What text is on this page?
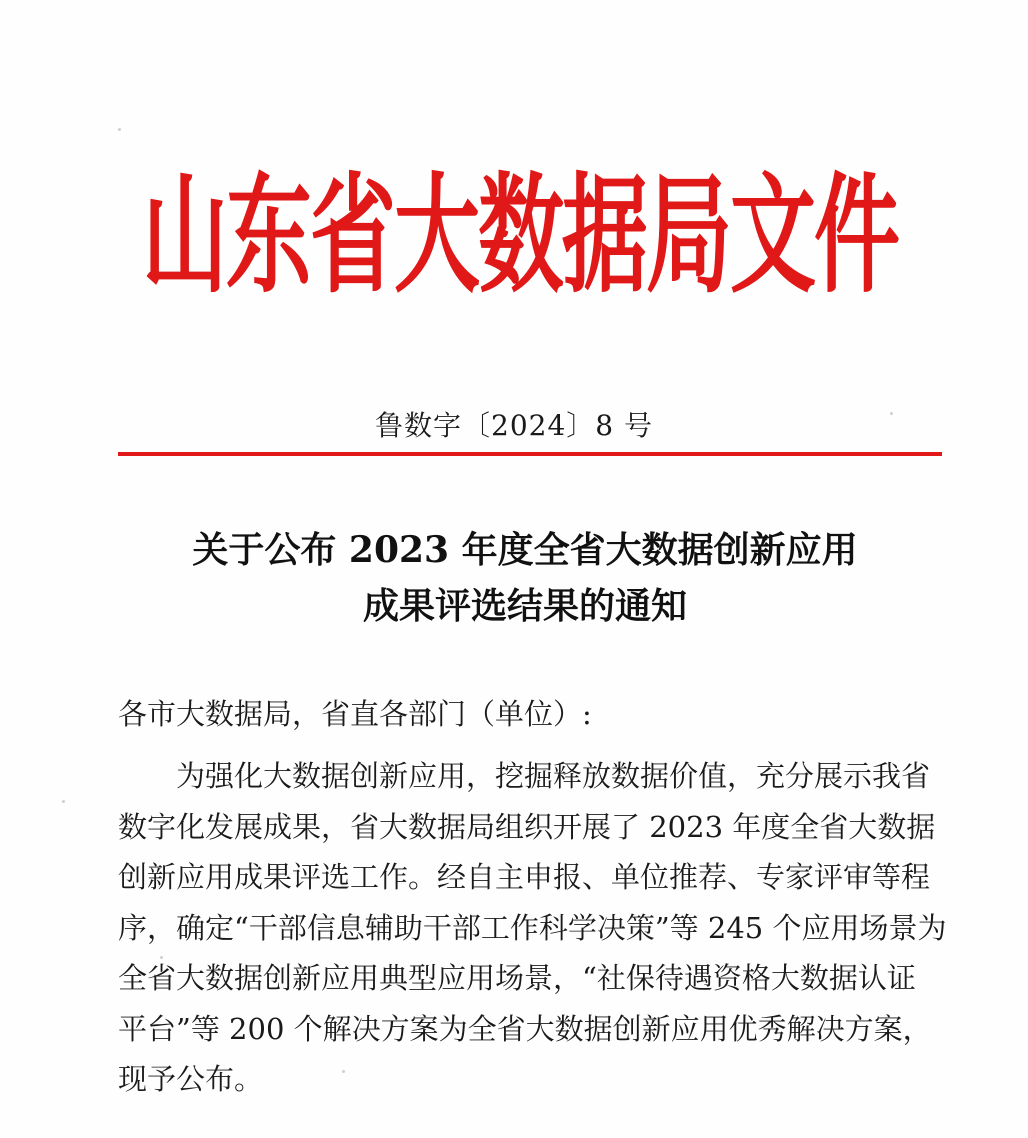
山东省大数据局文件
鲁数字〔2024〕8 号
关于公布 2023 年度全省大数据创新应用
成果评选结果的通知
各市大数据局，省直各部门（单位）:
　　为强化大数据创新应用，挖掘释放数据价值，充分展示我省
数字化发展成果，省大数据局组织开展了 2023 年度全省大数据
创新应用成果评选工作。经自主申报、单位推荐、专家评审等程
序，确定“干部信息辅助干部工作科学决策”等 245 个应用场景为
全省大数据创新应用典型应用场景，“社保待遇资格大数据认证
平台”等 200 个解决方案为全省大数据创新应用优秀解决方案，
现予公布。
